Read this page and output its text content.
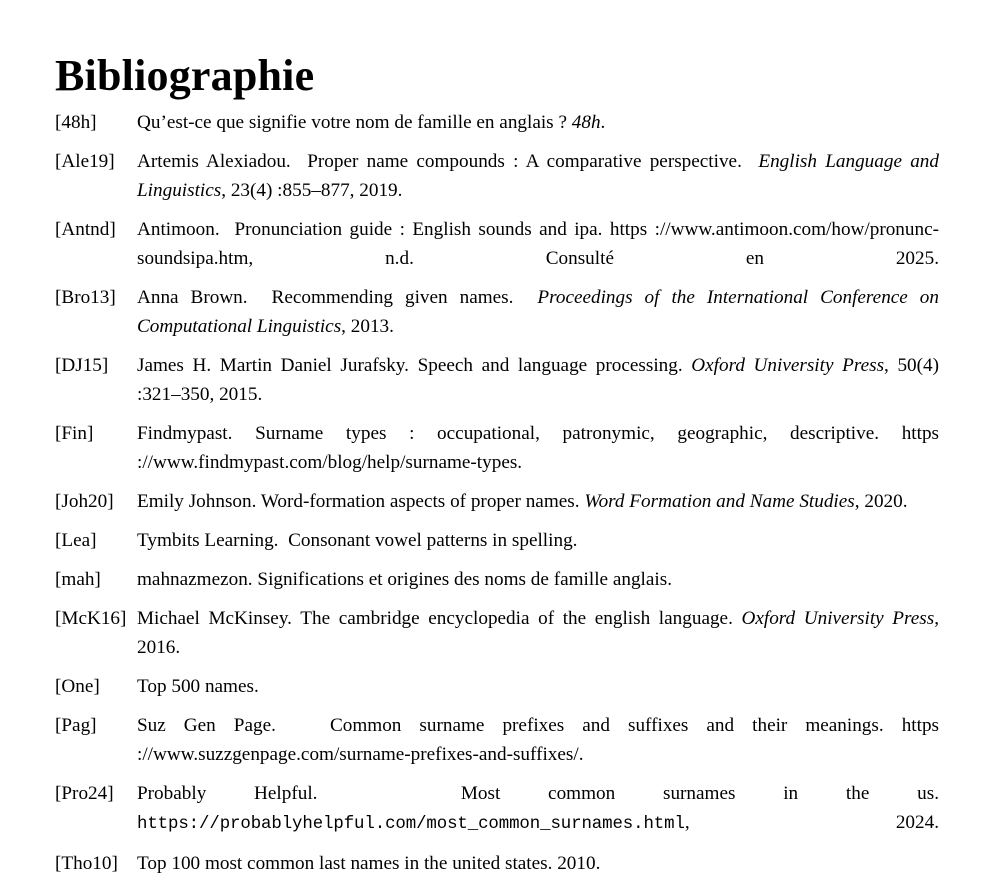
Bibliographie
[48h]	Qu’est-ce que signifie votre nom de famille en anglais ? 48h.
[Ale19]	Artemis Alexiadou. Proper name compounds : A comparative perspective. English Language and Linguistics, 23(4) :855–877, 2019.
[Antnd]	Antimoon. Pronunciation guide : English sounds and ipa. https ://www.antimoon.com/how/pronunc-soundsipa.htm, n.d. Consulté en 2025.
[Bro13]	Anna Brown. Recommending given names. Proceedings of the International Conference on Computational Linguistics, 2013.
[DJ15]	James H. Martin Daniel Jurafsky. Speech and language processing. Oxford University Press, 50(4) :321–350, 2015.
[Fin]	Findmypast. Surname types : occupational, patronymic, geographic, descriptive. https ://www.findmypast.com/blog/help/surname-types.
[Joh20]	Emily Johnson. Word-formation aspects of proper names. Word Formation and Name Studies, 2020.
[Lea]	Tymbits Learning. Consonant vowel patterns in spelling.
[mah]	mahnazmezon. Significations et origines des noms de famille anglais.
[McK16] Michael McKinsey. The cambridge encyclopedia of the english language. Oxford University Press, 2016.
[One]	Top 500 names.
[Pag]	Suz Gen Page.	Common surname prefixes and suffixes and their meanings. https ://www.suzzgenpage.com/surname-prefixes-and-suffixes/.
[Pro24]	Probably Helpful.	Most common surnames in the us. https://probablyhelpful.com/most_common_surnames.html, 2024.
[Tho10] Top 100 most common last names in the united states. 2010.
